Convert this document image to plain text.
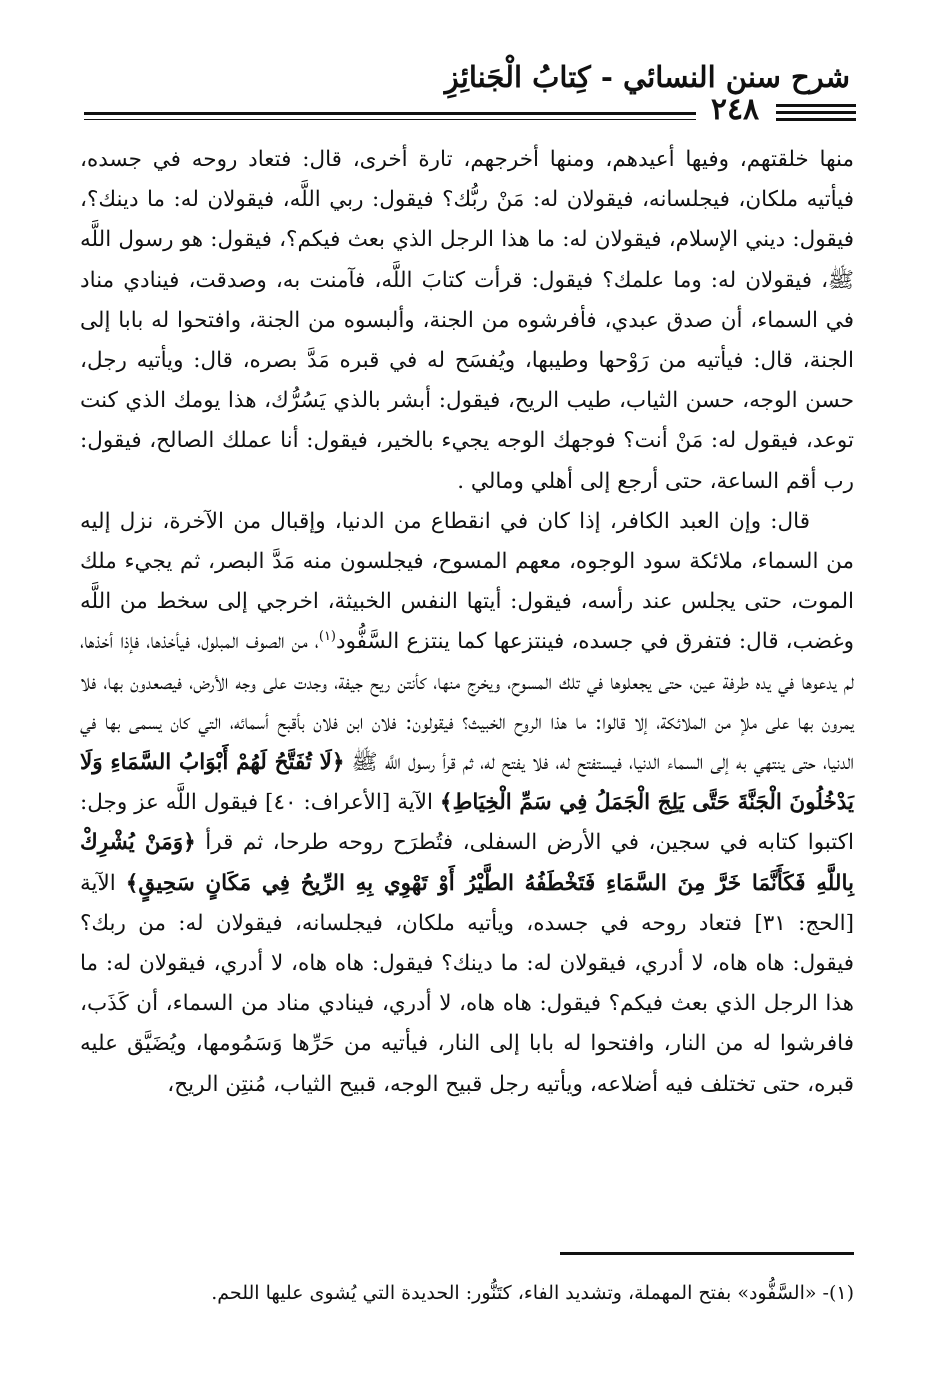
شرح سنن النسائي - كِتابُ الْجَنائِزِ
٢٤٨

منها خلقتهم، وفيها أعيدهم، ومنها أخرجهم، تارة أخرى، قال: فتعاد روحه في جسده، فيأتيه ملكان، فيجلسانه، فيقولان له: مَنْ ربُّك؟ فيقول: ربي اللَّه، فيقولان له: ما دينك؟، فيقول: ديني الإسلام، فيقولان له: ما هذا الرجل الذي بعث فيكم؟، فيقول: هو رسول اللَّه ﷺ، فيقولان له: وما علمك؟ فيقول: قرأت كتابَ اللَّه، فآمنت به، وصدقت، فينادي مناد في السماء، أن صدق عبدي، فأفرشوه من الجنة، وألبسوه من الجنة، وافتحوا له بابا إلى الجنة، قال: فيأتيه من رَوْحها وطيبها، ويُفسَح له في قبره مَدَّ بصره، قال: ويأتيه رجل، حسن الوجه، حسن الثياب، طيب الريح، فيقول: أبشر بالذي يَسُرُّك، هذا يومك الذي كنت توعد، فيقول له: مَنْ أنت؟ فوجهك الوجه يجيء بالخير، فيقول: أنا عملك الصالح، فيقول: رب أقم الساعة، حتى أرجع إلى أهلي ومالي .

قال: وإن العبد الكافر، إذا كان في انقطاع من الدنيا، وإقبال من الآخرة، نزل إليه من السماء، ملائكة سود الوجوه، معهم المسوح، فيجلسون منه مَدَّ البصر، ثم يجيء ملك الموت، حتى يجلس عند رأسه، فيقول: أيتها النفس الخبيثة، اخرجي إلى سخط من اللَّه وغضب، قال: فتفرق في جسده، فينتزعها كما ينتزع السَّفُّود$^{(١)}$، من الصوف المبلول، فيأخذها، فإذا أخذها، لم يدعوها في يده طرفة عين، حتى يجعلوها في تلك المسوح، ويخرج منها، كأنتن ريح جيفة، وجدت على وجه الأرض، فيصعدون بها، فلا يمرون بها على ملإ من الملائكة، إلا قالوا: ما هذا الروح الخبيث؟ فيقولون: فلان ابن فلان بأقبح أسمائه، التي كان يسمى بها في الدنيا، حتى ينتهي به إلى السماء الدنيا، فيستفتح له، فلا يفتح له، ثم قرأ رسول اللَّه ﷺ ﴿لَا تُفَتَّحُ لَهُمْ أَبْوَابُ السَّمَاءِ وَلَا يَدْخُلُونَ الْجَنَّةَ حَتَّى يَلِجَ الْجَمَلُ فِي سَمِّ الْخِيَاطِ﴾ الآية [الأعراف: ٤٠] فيقول اللَّه عز وجل: اكتبوا كتابه في سجين، في الأرض السفلى، فتُطرَح روحه طرحا، ثم قرأ ﴿وَمَنْ يُشْرِكْ بِاللَّهِ فَكَأَنَّمَا خَرَّ مِنَ السَّمَاءِ فَتَخْطَفُهُ الطَّيْرُ أَوْ تَهْوِي بِهِ الرِّيحُ فِي مَكَانٍ سَحِيقٍ﴾ الآية [الحج: ٣١] فتعاد روحه في جسده، ويأتيه ملكان، فيجلسانه، فيقولان له: من ربك؟ فيقول: هاه هاه، لا أدري، فيقولان له: ما دينك؟ فيقول: هاه هاه، لا أدري، فيقولان له: ما هذا الرجل الذي بعث فيكم؟ فيقول: هاه هاه، لا أدري، فينادي مناد من السماء، أن كَذَب، فافرشوا له من النار، وافتحوا له بابا إلى النار، فيأتيه من حَرِّها وَسَمُومها، ويُضَيَّق عليه قبره، حتى تختلف فيه أضلاعه، ويأتيه رجل قبيح الوجه، قبيح الثياب، مُنتِن الريح،

(١)- «السَّفُّود» بفتح المهملة، وتشديد الفاء، كتَنُّور: الحديدة التي يُشوى عليها اللحم.
